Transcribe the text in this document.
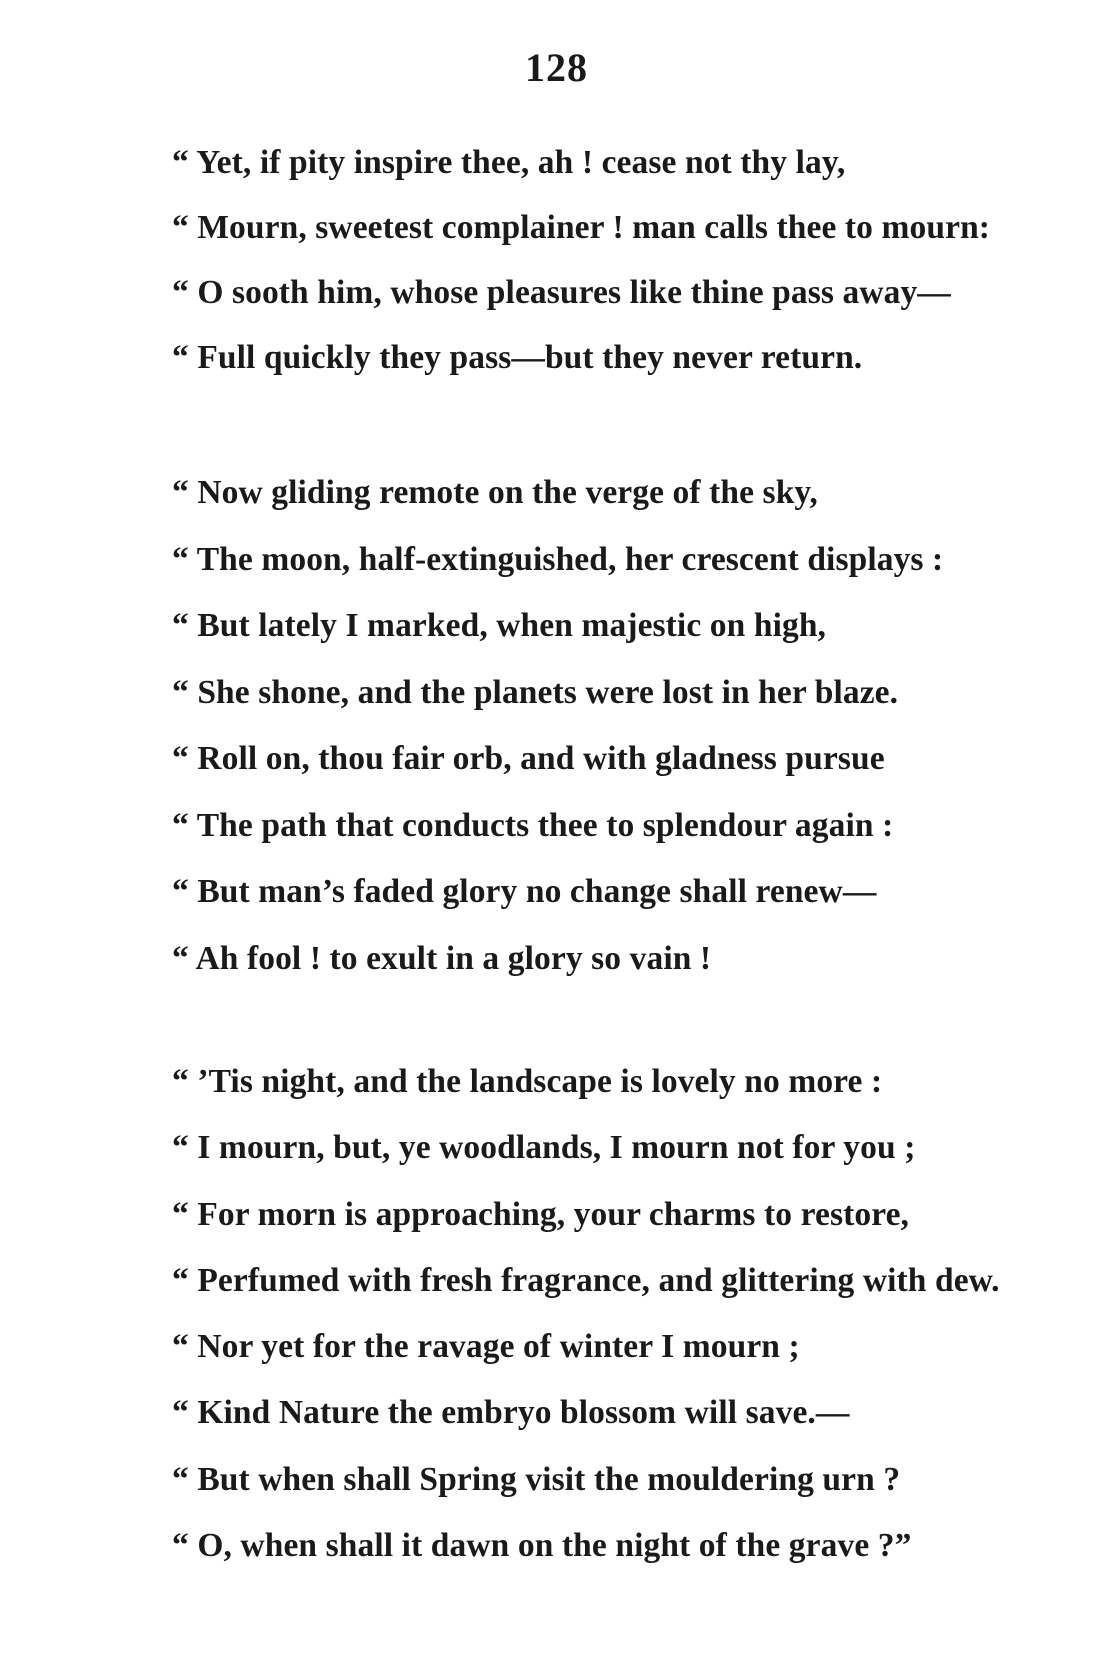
128
“ Yet, if pity inspire thee, ah ! cease not thy lay,
“ Mourn, sweetest complainer ! man calls thee to mourn:
“ O sooth him, whose pleasures like thine pass away—
“ Full quickly they pass—but they never return.
“ Now gliding remote on the verge of the sky,
“ The moon, half-extinguished, her crescent displays :
“ But lately I marked, when majestic on high,
“ She shone, and the planets were lost in her blaze.
“ Roll on, thou fair orb, and with gladness pursue
“ The path that conducts thee to splendour again :
“ But man’s faded glory no change shall renew—
“ Ah fool ! to exult in a glory so vain !
“ ’Tis night, and the landscape is lovely no more :
“ I mourn, but, ye woodlands, I mourn not for you ;
“ For morn is approaching, your charms to restore,
“ Perfumed with fresh fragrance, and glittering with dew.
“ Nor yet for the ravage of winter I mourn ;
“ Kind Nature the embryo blossom will save.—
“ But when shall Spring visit the mouldering urn ?
“ O, when shall it dawn on the night of the grave ?”
